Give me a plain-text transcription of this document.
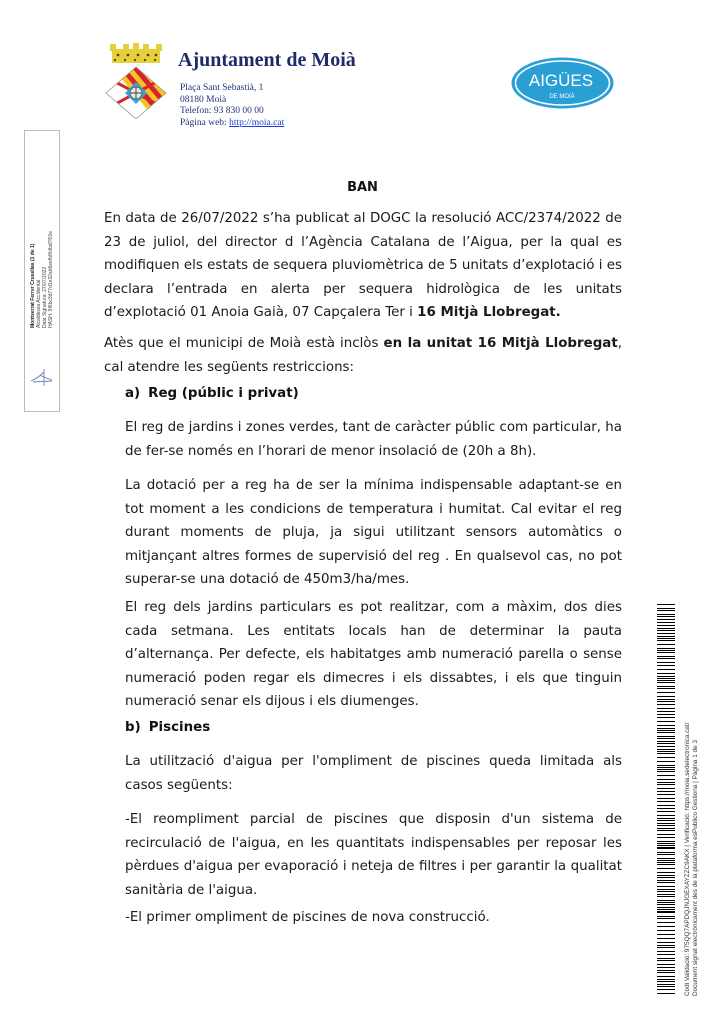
Ajuntament de Moià
Plaça Sant Sebastià, 1
08180 Moià
Telefon: 93 830 00 00
Pàgina web: http://moia.cat
AIGÜES
DE MOIÀ
Montserrat Ferrer Crusellas (1 de 1) Alcaldessa Accidental Data Signatura: 27/07/2022 HASH: 9f6bc3d77d1e32ab5eefbf6dbd7f01e
Codi Validació: 975QQ7APDQJNJGEXAYZZC9AKX | Verificació: https://moia.sedelectronica.cat/ Document signat electrònicament des de la plataforma esPublico Gestiona | Pàgina 1 de 3
BAN
En data de 26/07/2022 s’ha publicat al DOGC la resolució ACC/2374/2022 de 23 de juliol, del director d l’Agència Catalana de l’Aigua, per la qual es modifiquen els estats de sequera pluviomètrica de 5 unitats d’explotació i es declara l’entrada en alerta per sequera hidrològica de les unitats d’explotació 01 Anoia Gaià, 07 Capçalera Ter i 16 Mitjà Llobregat.
Atès que el municipi de Moià està inclòs en la unitat 16 Mitjà Llobregat, cal atendre les següents restriccions:
a) Reg (públic i privat)
El reg de jardins i zones verdes, tant de caràcter públic com particular, ha de fer-se només en l’horari de menor insolació de (20h a 8h).
La dotació per a reg ha de ser la mínima indispensable adaptant-se en tot moment a les condicions de temperatura i humitat. Cal evitar el reg durant moments de pluja, ja sigui utilitzant sensors automàtics o mitjançant altres formes de supervisió del reg . En qualsevol cas, no pot superar-se una dotació de 450m3/ha/mes.
El reg dels jardins particulars es pot realitzar, com a màxim, dos dies cada setmana. Les entitats locals han de determinar la pauta d’alternança. Per defecte, els habitatges amb numeració parella o sense numeració poden regar els dimecres i els dissabtes, i els que tinguin numeració senar els dijous i els diumenges.
b) Piscines
La utilització d'aigua per l'ompliment de piscines queda limitada als casos següents:
-El reompliment parcial de piscines que disposin d'un sistema de recirculació de l'aigua, en les quantitats indispensables per reposar les pèrdues d'aigua per evaporació i neteja de filtres i per garantir la qualitat sanitària de l'aigua.
-El primer ompliment de piscines de nova construcció.
